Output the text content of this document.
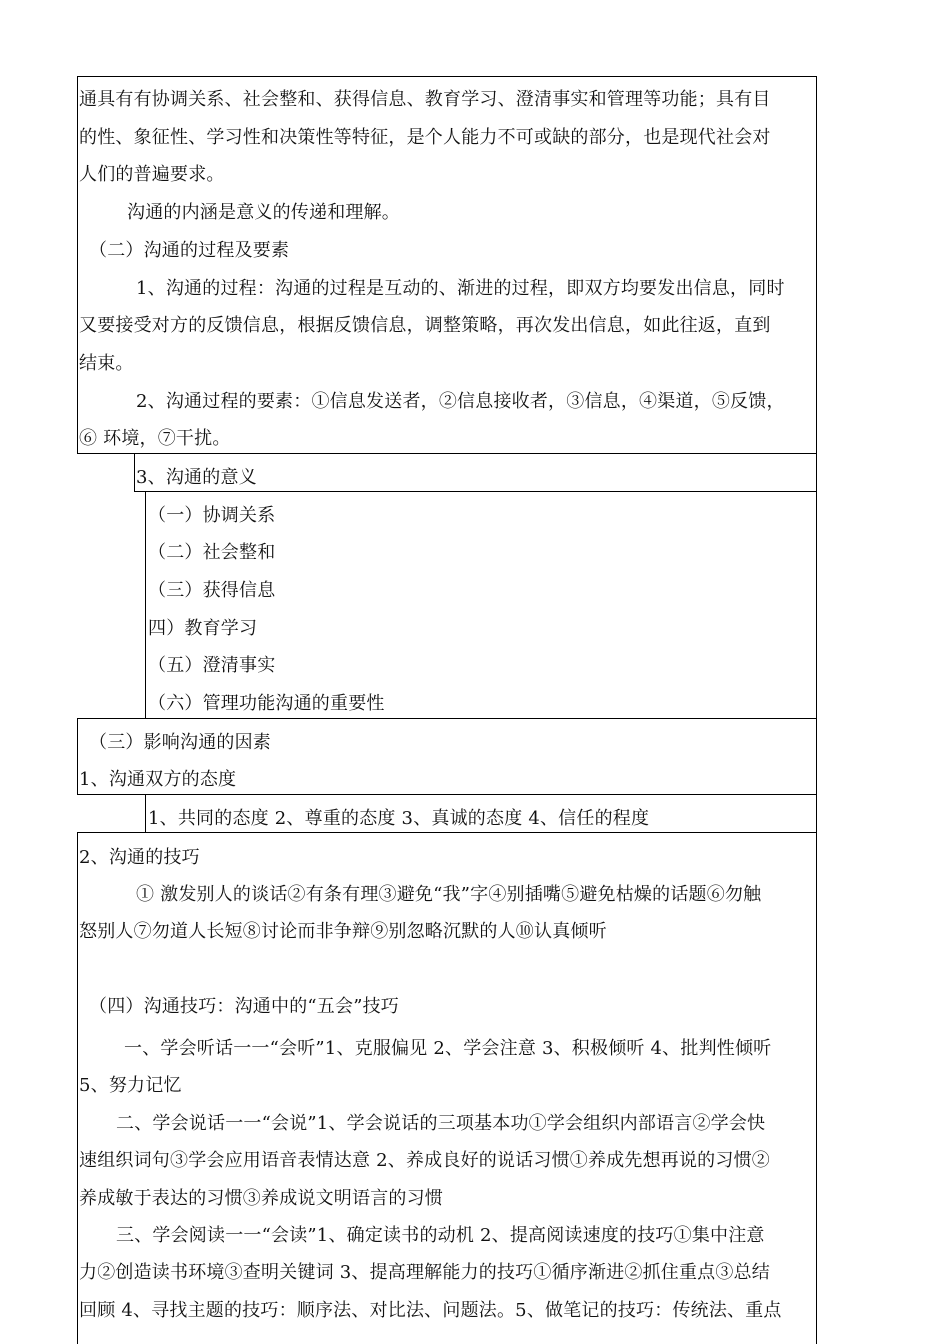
通具有有协调关系、社会整和、获得信息、教育学习、澄清事实和管理等功能；具有目
的性、象征性、学习性和决策性等特征，是个人能力不可或缺的部分，也是现代社会对
人们的普遍要求。
沟通的内涵是意义的传递和理解。
（二）沟通的过程及要素
1、沟通的过程：沟通的过程是互动的、渐进的过程，即双方均要发出信息，同时
又要接受对方的反馈信息，根据反馈信息，调整策略，再次发出信息，如此往返，直到
结束。
2、沟通过程的要素：①信息发送者，②信息接收者，③信息，④渠道，⑤反馈，
⑥ 环境，⑦干扰。
3、沟通的意义
（一）协调关系
（二）社会整和
（三）获得信息
四）教育学习
（五）澄清事实
（六）管理功能沟通的重要性
（三）影响沟通的因素
1、沟通双方的态度
1、共同的态度 2、尊重的态度 3、真诚的态度 4、信任的程度
2、沟通的技巧
① 激发别人的谈话②有条有理③避免“我”字④别插嘴⑤避免枯燥的话题⑥勿触
怒别人⑦勿道人长短⑧讨论而非争辩⑨别忽略沉默的人⑩认真倾听
（四）沟通技巧：沟通中的“五会”技巧
一、学会听话一一“会听”1、克服偏见 2、学会注意 3、积极倾听 4、批判性倾听
5、努力记忆
二、学会说话一一“会说”1、学会说话的三项基本功①学会组织内部语言②学会快
速组织词句③学会应用语音表情达意 2、养成良好的说话习惯①养成先想再说的习惯②
养成敏于表达的习惯③养成说文明语言的习惯
三、学会阅读一一“会读”1、确定读书的动机 2、提高阅读速度的技巧①集中注意
力②创造读书环境③查明关键词 3、提高理解能力的技巧①循序渐进②抓住重点③总结
回顾 4、寻找主题的技巧：顺序法、对比法、问题法。5、做笔记的技巧：传统法、重点
